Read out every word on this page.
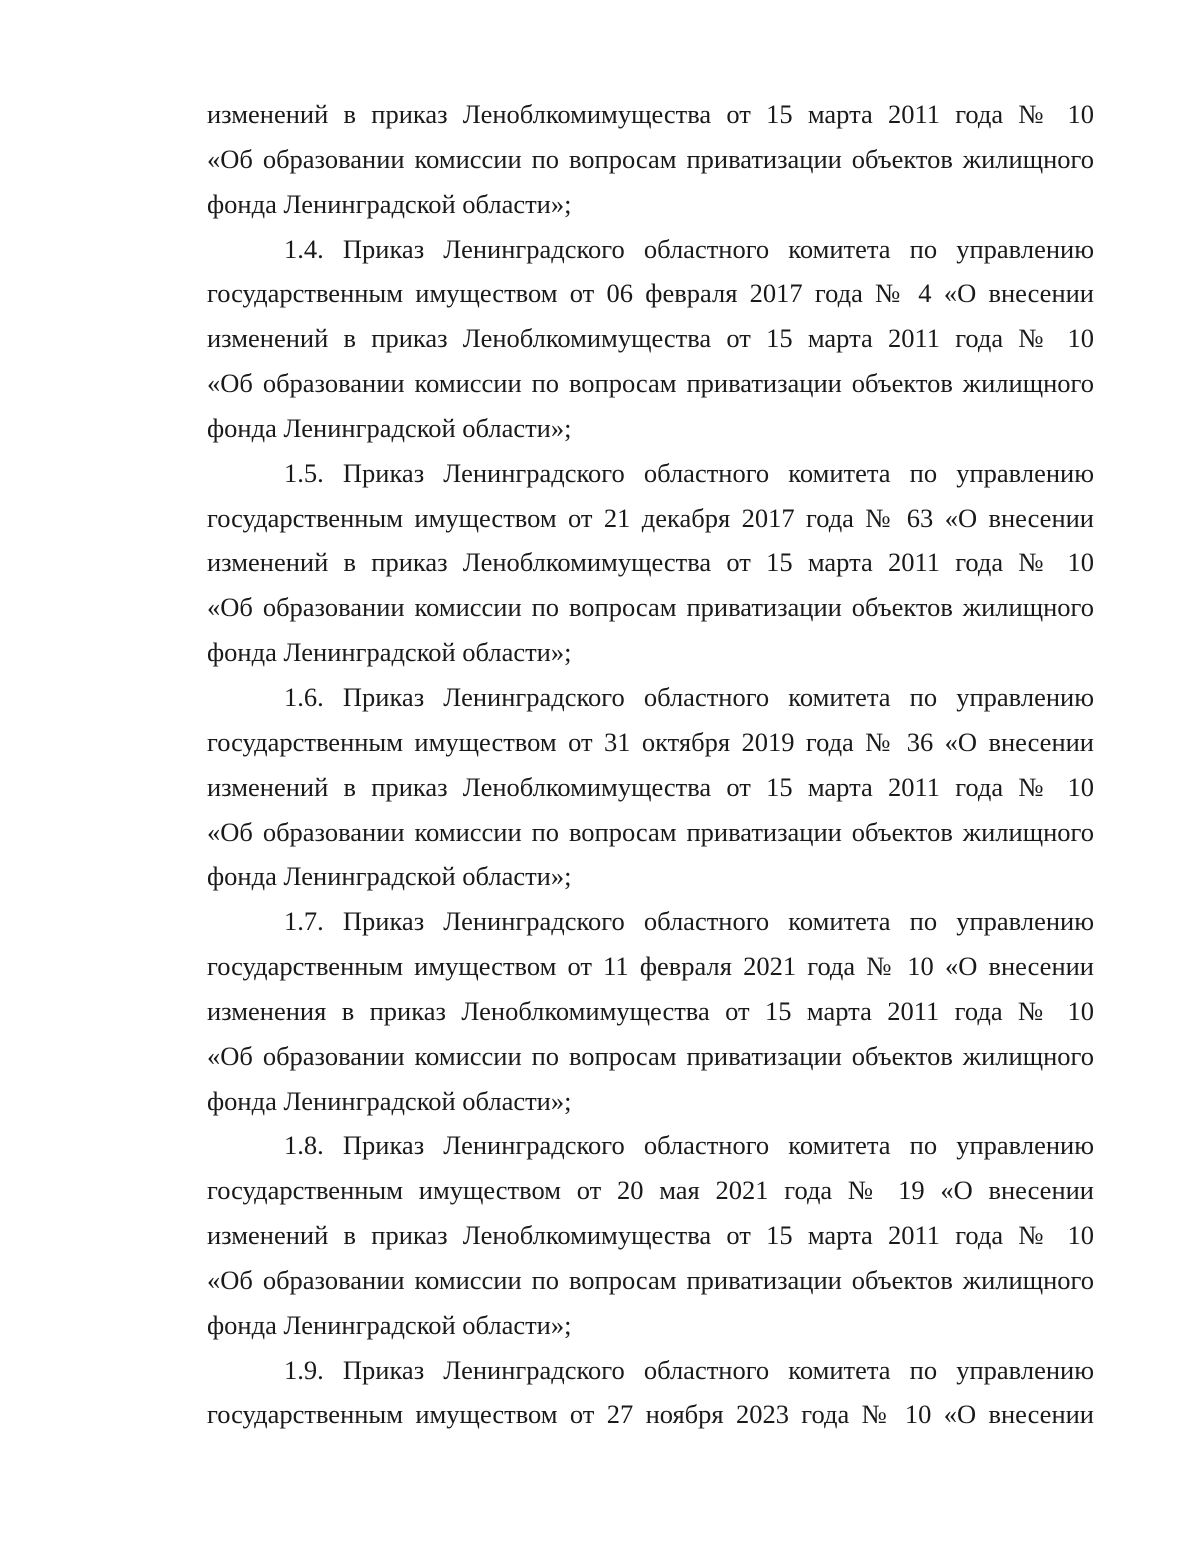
изменений в приказ Леноблкомимущества от 15 марта 2011 года № 10
«Об образовании комиссии по вопросам приватизации объектов жилищного
фонда Ленинградской области»;
1.4. Приказ Ленинградского областного комитета по управлению
государственным имуществом от 06 февраля 2017 года № 4 «О внесении
изменений в приказ Леноблкомимущества от 15 марта 2011 года № 10
«Об образовании комиссии по вопросам приватизации объектов жилищного
фонда Ленинградской области»;
1.5. Приказ Ленинградского областного комитета по управлению
государственным имуществом от 21 декабря 2017 года № 63 «О внесении
изменений в приказ Леноблкомимущества от 15 марта 2011 года № 10
«Об образовании комиссии по вопросам приватизации объектов жилищного
фонда Ленинградской области»;
1.6. Приказ Ленинградского областного комитета по управлению
государственным имуществом от 31 октября 2019 года № 36 «О внесении
изменений в приказ Леноблкомимущества от 15 марта 2011 года № 10
«Об образовании комиссии по вопросам приватизации объектов жилищного
фонда Ленинградской области»;
1.7. Приказ Ленинградского областного комитета по управлению
государственным имуществом от 11 февраля 2021 года № 10 «О внесении
изменения в приказ Леноблкомимущества от 15 марта 2011 года № 10
«Об образовании комиссии по вопросам приватизации объектов жилищного
фонда Ленинградской области»;
1.8. Приказ Ленинградского областного комитета по управлению
государственным имуществом от 20 мая 2021 года № 19 «О внесении
изменений в приказ Леноблкомимущества от 15 марта 2011 года № 10
«Об образовании комиссии по вопросам приватизации объектов жилищного
фонда Ленинградской области»;
1.9. Приказ Ленинградского областного комитета по управлению
государственным имуществом от 27 ноября 2023 года № 10 «О внесении
